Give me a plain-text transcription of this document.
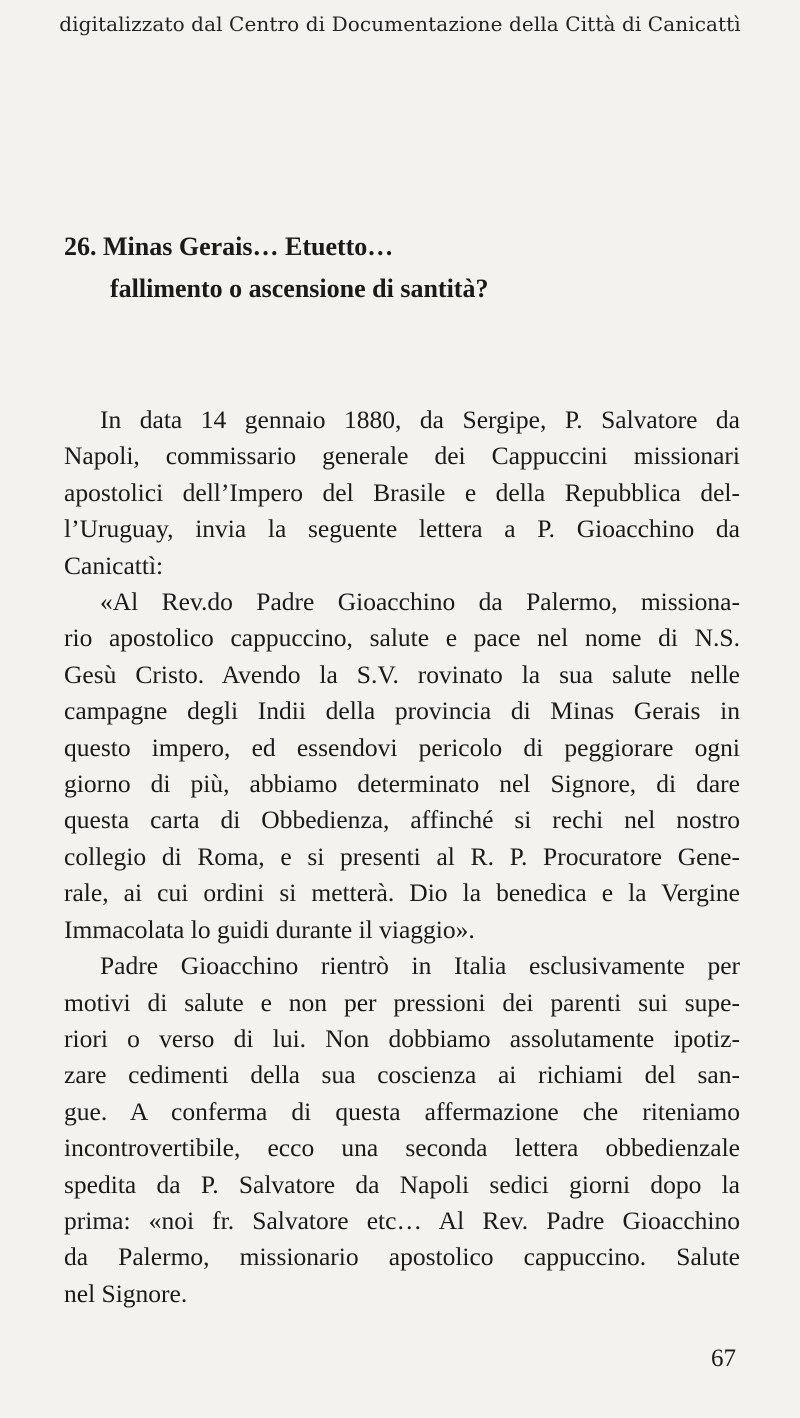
digitalizzato dal Centro di Documentazione della Città di Canicattì
26. Minas Gerais… Etuetto…
fallimento o ascensione di santità?
In data 14 gennaio 1880, da Sergipe, P. Salvatore da
Napoli, commissario generale dei Cappuccini missionari
apostolici dell’Impero del Brasile e della Repubblica del-
l’Uruguay, invia la seguente lettera a P. Gioacchino da
Canicattì:
«Al Rev.do Padre Gioacchino da Palermo, missiona-
rio apostolico cappuccino, salute e pace nel nome di N.S.
Gesù Cristo. Avendo la S.V. rovinato la sua salute nelle
campagne degli Indii della provincia di Minas Gerais in
questo impero, ed essendovi pericolo di peggiorare ogni
giorno di più, abbiamo determinato nel Signore, di dare
questa carta di Obbedienza, affinché si rechi nel nostro
collegio di Roma, e si presenti al R. P. Procuratore Gene-
rale, ai cui ordini si metterà. Dio la benedica e la Vergine
Immacolata lo guidi durante il viaggio».
Padre Gioacchino rientrò in Italia esclusivamente per
motivi di salute e non per pressioni dei parenti sui supe-
riori o verso di lui. Non dobbiamo assolutamente ipotiz-
zare cedimenti della sua coscienza ai richiami del san-
gue. A conferma di questa affermazione che riteniamo
incontrovertibile, ecco una seconda lettera obbedienzale
spedita da P. Salvatore da Napoli sedici giorni dopo la
prima: «noi fr. Salvatore etc… Al Rev. Padre Gioacchino
da Palermo, missionario apostolico cappuccino. Salute
nel Signore.
67
